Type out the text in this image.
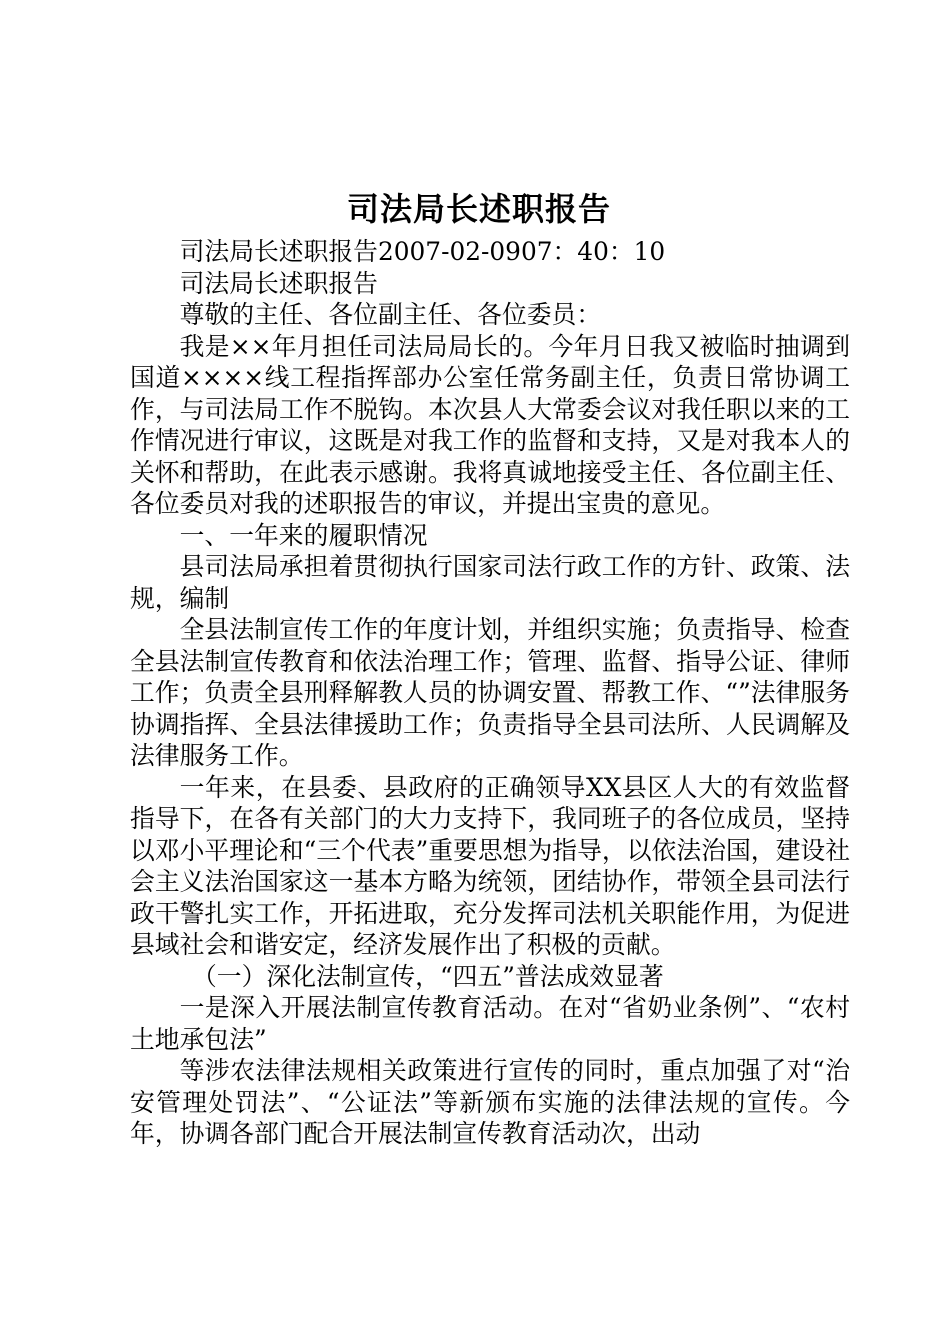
司法局长述职报告

司法局长述职报告2007-02-0907：40：10

司法局长述职报告

尊敬的主任、各位副主任、各位委员：

我是××年月担任司法局局长的。今年月日我又被临时抽调到国道××××线工程指挥部办公室任常务副主任，负责日常协调工作，与司法局工作不脱钩。本次县人大常委会议对我任职以来的工作情况进行审议，这既是对我工作的监督和支持，又是对我本人的关怀和帮助，在此表示感谢。我将真诚地接受主任、各位副主任、各位委员对我的述职报告的审议，并提出宝贵的意见。

一、一年来的履职情况

县司法局承担着贯彻执行国家司法行政工作的方针、政策、法规，编制

全县法制宣传工作的年度计划，并组织实施；负责指导、检查全县法制宣传教育和依法治理工作；管理、监督、指导公证、律师工作；负责全县刑释解教人员的协调安置、帮教工作、“”法律服务协调指挥、全县法律援助工作；负责指导全县司法所、人民调解及法律服务工作。

一年来，在县委、县政府的正确领导XX县区人大的有效监督指导下，在各有关部门的大力支持下，我同班子的各位成员，坚持以邓小平理论和“三个代表”重要思想为指导，以依法治国，建设社会主义法治国家这一基本方略为统领，团结协作，带领全县司法行政干警扎实工作，开拓进取，充分发挥司法机关职能作用，为促进县域社会和谐安定，经济发展作出了积极的贡献。

（一）深化法制宣传，“四五”普法成效显著

一是深入开展法制宣传教育活动。在对“省奶业条例”、“农村土地承包法”

等涉农法律法规相关政策进行宣传的同时，重点加强了对“治安管理处罚法”、“公证法”等新颁布实施的法律法规的宣传。今年，协调各部门配合开展法制宣传教育活动次，出动
